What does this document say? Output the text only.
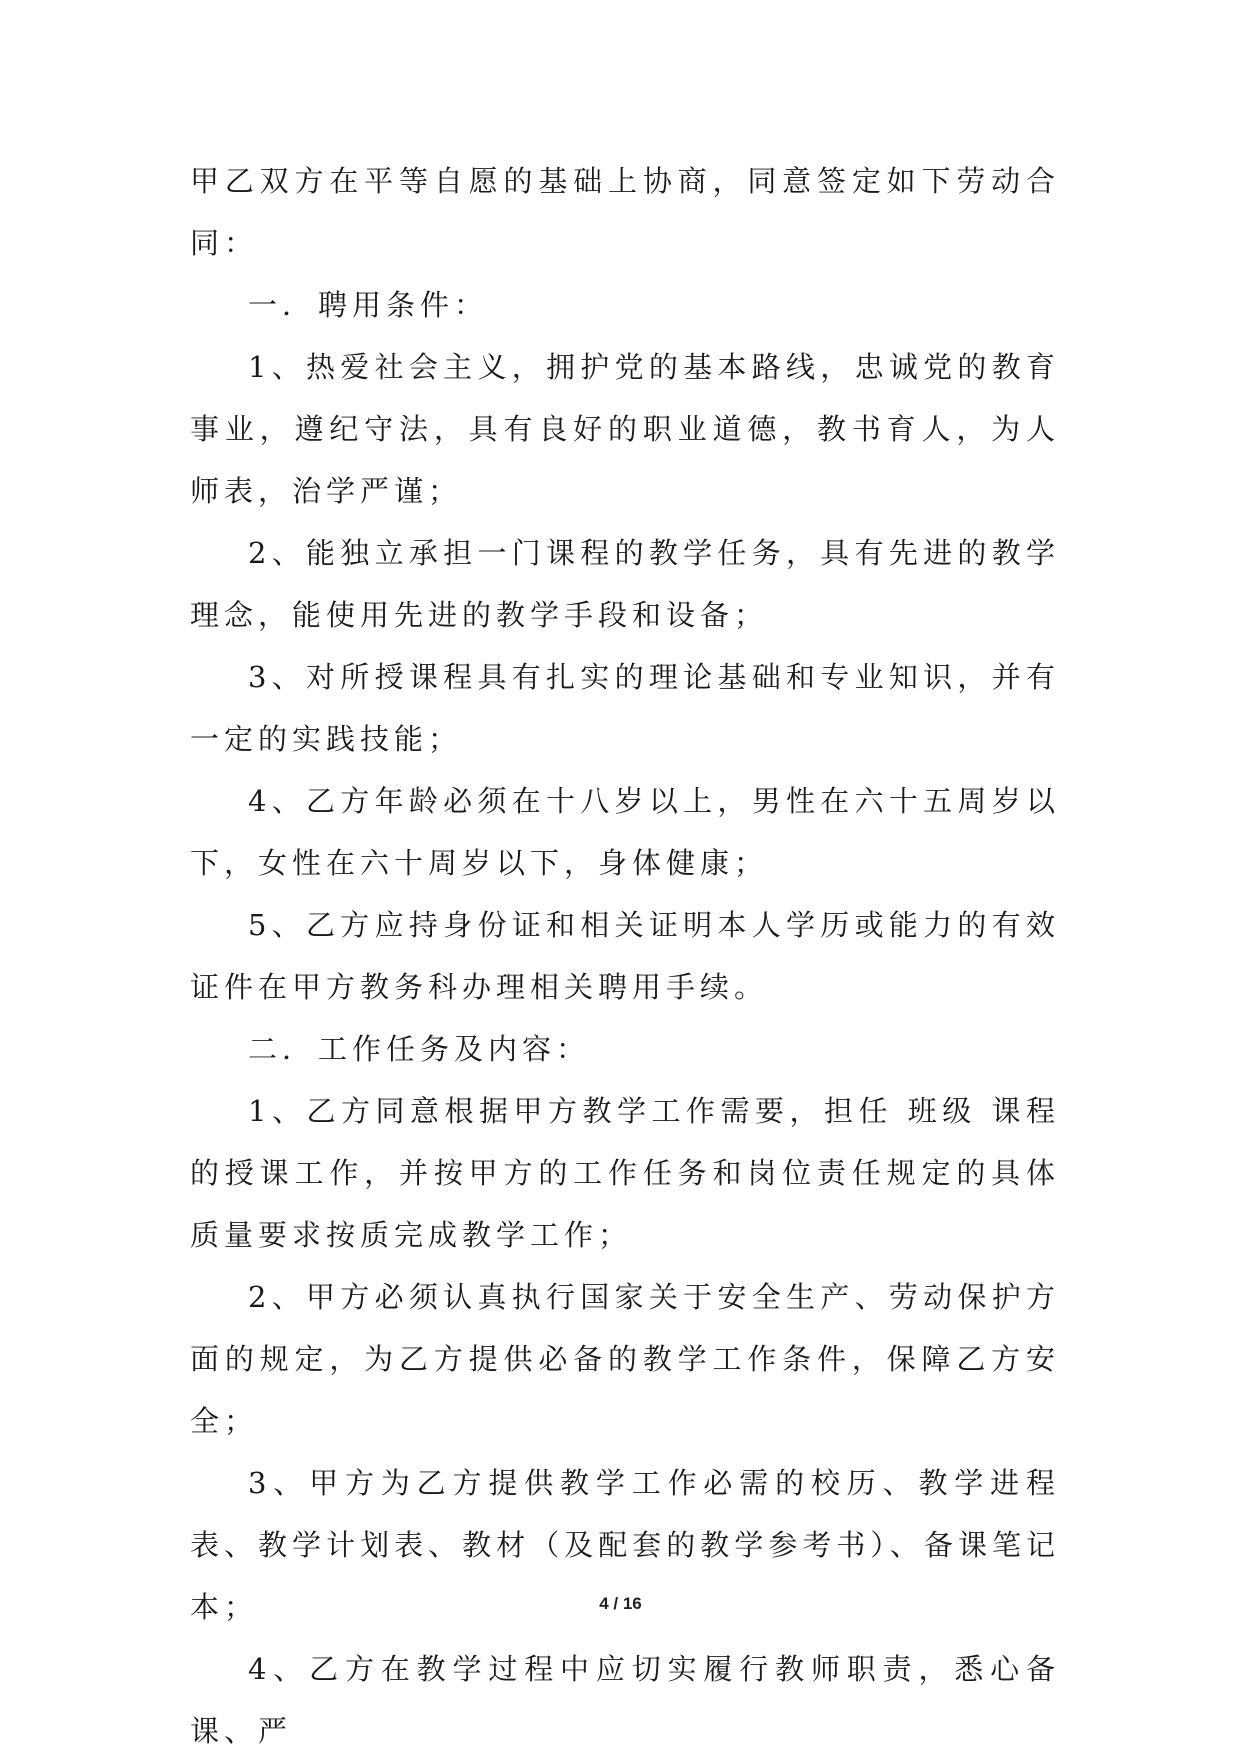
甲乙双方在平等自愿的基础上协商，同意签定如下劳动合同：

一．聘用条件：

1、热爱社会主义，拥护党的基本路线，忠诚党的教育事业，遵纪守法，具有良好的职业道德，教书育人，为人师表，治学严谨；

2、能独立承担一门课程的教学任务，具有先进的教学理念，能使用先进的教学手段和设备；

3、对所授课程具有扎实的理论基础和专业知识，并有一定的实践技能；

4、乙方年龄必须在十八岁以上，男性在六十五周岁以下，女性在六十周岁以下，身体健康；

5、乙方应持身份证和相关证明本人学历或能力的有效证件在甲方教务科办理相关聘用手续。

二．工作任务及内容：

1、乙方同意根据甲方教学工作需要，担任 班级 课程的授课工作，并按甲方的工作任务和岗位责任规定的具体质量要求按质完成教学工作；

2、甲方必须认真执行国家关于安全生产、劳动保护方面的规定，为乙方提供必备的教学工作条件，保障乙方安全；

3、甲方为乙方提供教学工作必需的校历、教学进程表、教学计划表、教材（及配套的教学参考书）、备课笔记本；

4、乙方在教学过程中应切实履行教师职责，悉心备课、严

4 / 16
